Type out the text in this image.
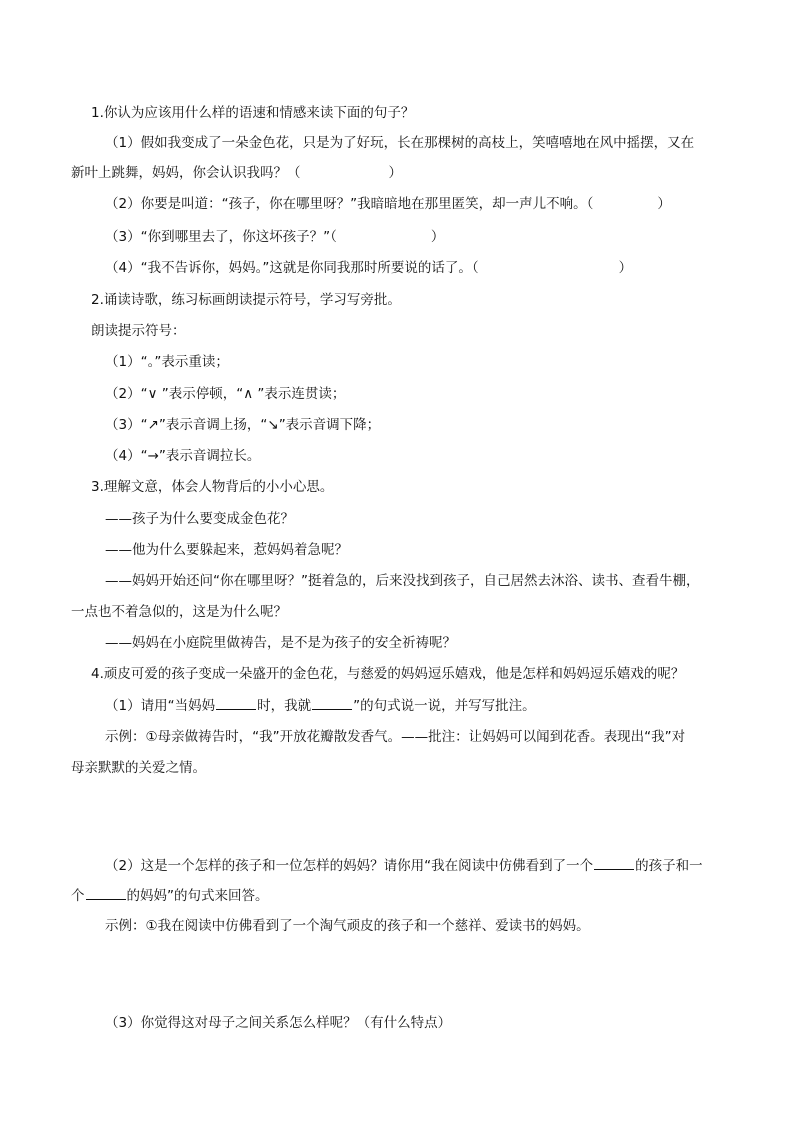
1.你认为应该用什么样的语速和情感来读下面的句子？
（1）假如我变成了一朵金色花，只是为了好玩，长在那棵树的高枝上，笑嘻嘻地在风中摇摆，又在
新叶上跳舞，妈妈，你会认识我吗？（	）
（2）你要是叫道：“孩子，你在哪里呀？”我暗暗地在那里匿笑，却一声儿不响。（	）
（3）“你到哪里去了，你这坏孩子？”（	）
（4）“我不告诉你，妈妈。”这就是你同我那时所要说的话了。（	）
2.诵读诗歌，练习标画朗读提示符号，学习写旁批。
朗读提示符号：
（1）“。”表示重读；
（2）“∨ ”表示停顿，“∧ ”表示连贯读；
（3）“↗”表示音调上扬，“↘”表示音调下降；
（4）“→”表示音调拉长。
3.理解文意，体会人物背后的小小心思。
——孩子为什么要变成金色花？
——他为什么要躲起来，惹妈妈着急呢？
——妈妈开始还问“你在哪里呀？”挺着急的，后来没找到孩子，自己居然去沐浴、读书、查看牛棚，
一点也不着急似的，这是为什么呢？
——妈妈在小庭院里做祷告，是不是为孩子的安全祈祷呢？
4.顽皮可爱的孩子变成一朵盛开的金色花，与慈爱的妈妈逗乐嬉戏，他是怎样和妈妈逗乐嬉戏的呢？
（1）请用“当妈妈	时，我就	”的句式说一说，并写写批注。
示例：①母亲做祷告时，“我”开放花瓣散发香气。——批注：让妈妈可以闻到花香。表现出“我”对
母亲默默的关爱之情。
（2）这是一个怎样的孩子和一位怎样的妈妈？请你用“我在阅读中仿佛看到了一个	的孩子和一
个	的妈妈”的句式来回答。
示例：①我在阅读中仿佛看到了一个淘气顽皮的孩子和一个慈祥、爱读书的妈妈。
（3）你觉得这对母子之间关系怎么样呢？（有什么特点）
